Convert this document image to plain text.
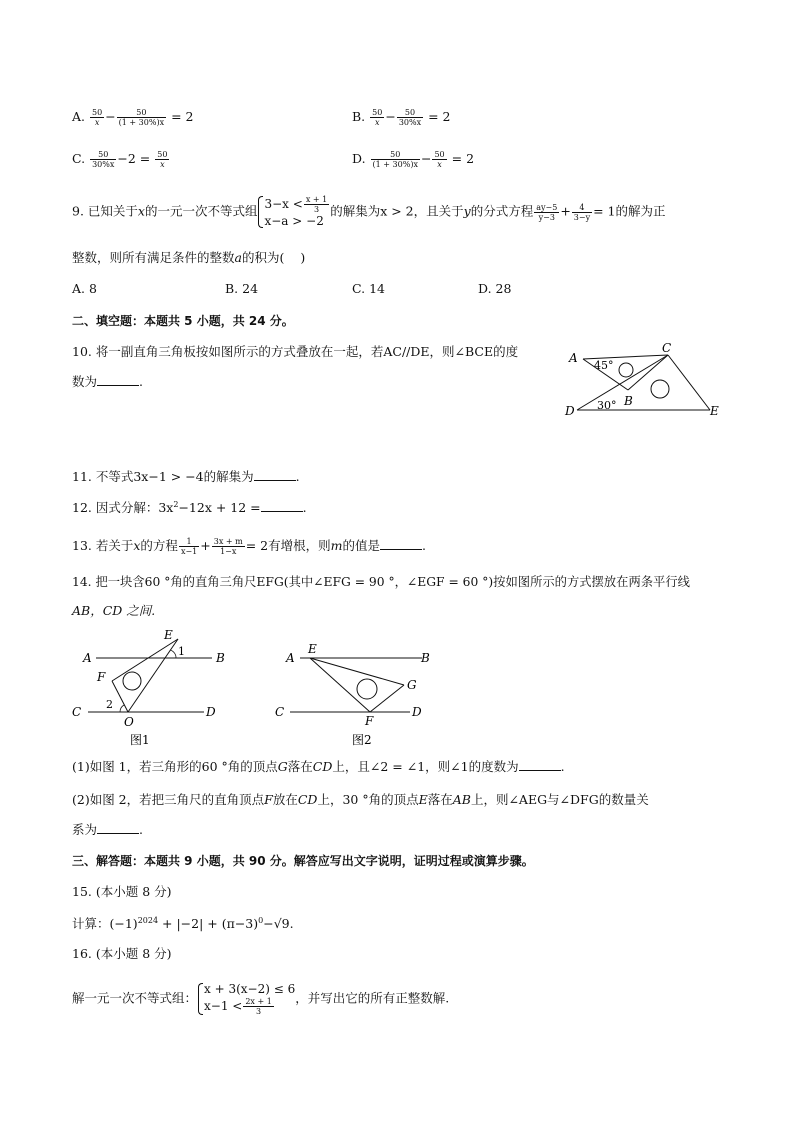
A. $\frac{50}{x} - \frac{50}{(1 + 30\%)x} = 2$	B. $\frac{50}{x} - \frac{50}{30\%x} = 2$
C. $\frac{50}{30\%x} -2 = \frac{50}{x}$	D. $\frac{50}{(1 + 30\%)x} - \frac{50}{x} = 2$
9. 已知关于x的一元一次不等式组 $3-x < \frac{x + 1}{3}$
x−a > −2
的解集为x > 2，且关于y的分式方程 $\frac{ay-5}{y-3} + \frac{4}{3-y} = 1$的解为正
整数，则所有满足条件的整数a的积为( )
A. 8	B. 24	C. 14	D. 28
二、填空题：本题共 5 小题，共 24 分。
10. 将一副直角三角板按如图所示的方式叠放在一起，若AC//DE，则∠BCE的度
数为	.
A
C
B
D	E
45°
30°
11. 不等式3x−1 > −4的解集为	.
12. 因式分解：$3x^2-12x + 12$ =	.
13. 若关于x的方程 $\frac{1}{x-1} + \frac{3x + m}{1-x} = 2$有增根，则m的值是	.
14. 把一块含60 °角的直角三角尺EFG(其中∠EFG = 90 °，∠EGF = 60 °)按如图所示的方式摆放在两条平行线
AB，CD 之间.
A	B
C	D
E
F
O
1
2
图1
A	B
C	D
E
F
G
图2
(1)如图 1，若三角形的60 °角的顶点G落在CD上，且∠2 = ∠1，则∠1的度数为	.
(2)如图 2，若把三角尺的直角顶点F放在CD上，30 °角的顶点E落在AB上，则∠AEG与∠DFG的数量关
系为	.
三、解答题：本题共 9 小题，共 90 分。解答应写出文字说明，证明过程或演算步骤。
15. (本小题 8 分)
计算：$(-1)^{2024} + |-2| + (\pi-3)^0-√9$.
16. (本小题 8 分)
解一元一次不等式组：
x + 3(x−2) ≤ 6
$x-1 < \frac{2x + 1}{3}$ ，并写出它的所有正整数解.
